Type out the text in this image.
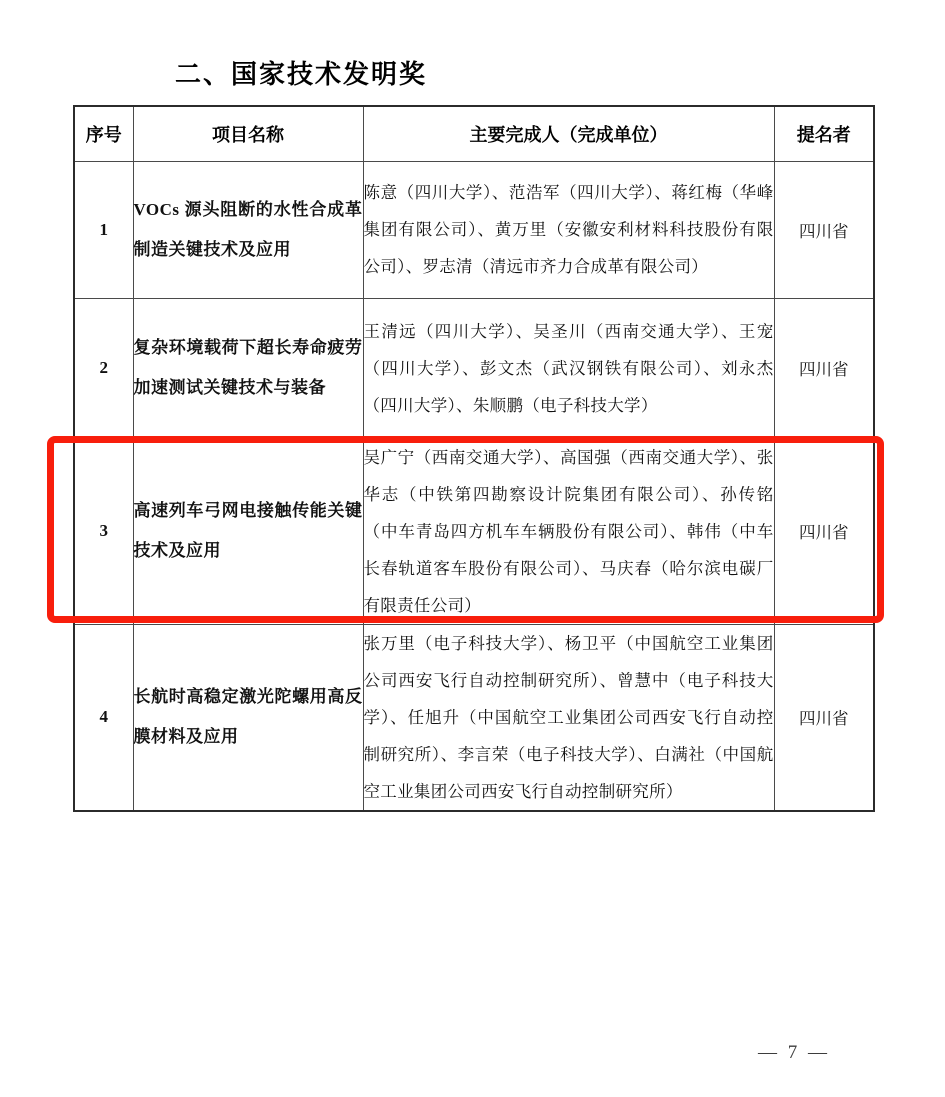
二、国家技术发明奖
序号	项目名称	主要完成人（完成单位）	提名者
1	VOCs 源头阻断的水性合成革制造关键技术及应用	陈意（四川大学）、范浩军（四川大学）、蒋红梅（华峰集团有限公司）、黄万里（安徽安利材料科技股份有限公司）、罗志清（清远市齐力合成革有限公司）	四川省
2	复杂环境载荷下超长寿命疲劳加速测试关键技术与装备	王清远（四川大学）、吴圣川（西南交通大学）、王宠（四川大学）、彭文杰（武汉钢铁有限公司）、刘永杰（四川大学）、朱顺鹏（电子科技大学）	四川省
3	高速列车弓网电接触传能关键技术及应用	吴广宁（西南交通大学）、高国强（西南交通大学）、张华志（中铁第四勘察设计院集团有限公司）、孙传铭（中车青岛四方机车车辆股份有限公司）、韩伟（中车长春轨道客车股份有限公司）、马庆春（哈尔滨电碳厂有限责任公司）	四川省
4	长航时高稳定激光陀螺用高反膜材料及应用	张万里（电子科技大学）、杨卫平（中国航空工业集团公司西安飞行自动控制研究所）、曾慧中（电子科技大学）、任旭升（中国航空工业集团公司西安飞行自动控制研究所）、李言荣（电子科技大学）、白满社（中国航空工业集团公司西安飞行自动控制研究所）	四川省
— 7 —
